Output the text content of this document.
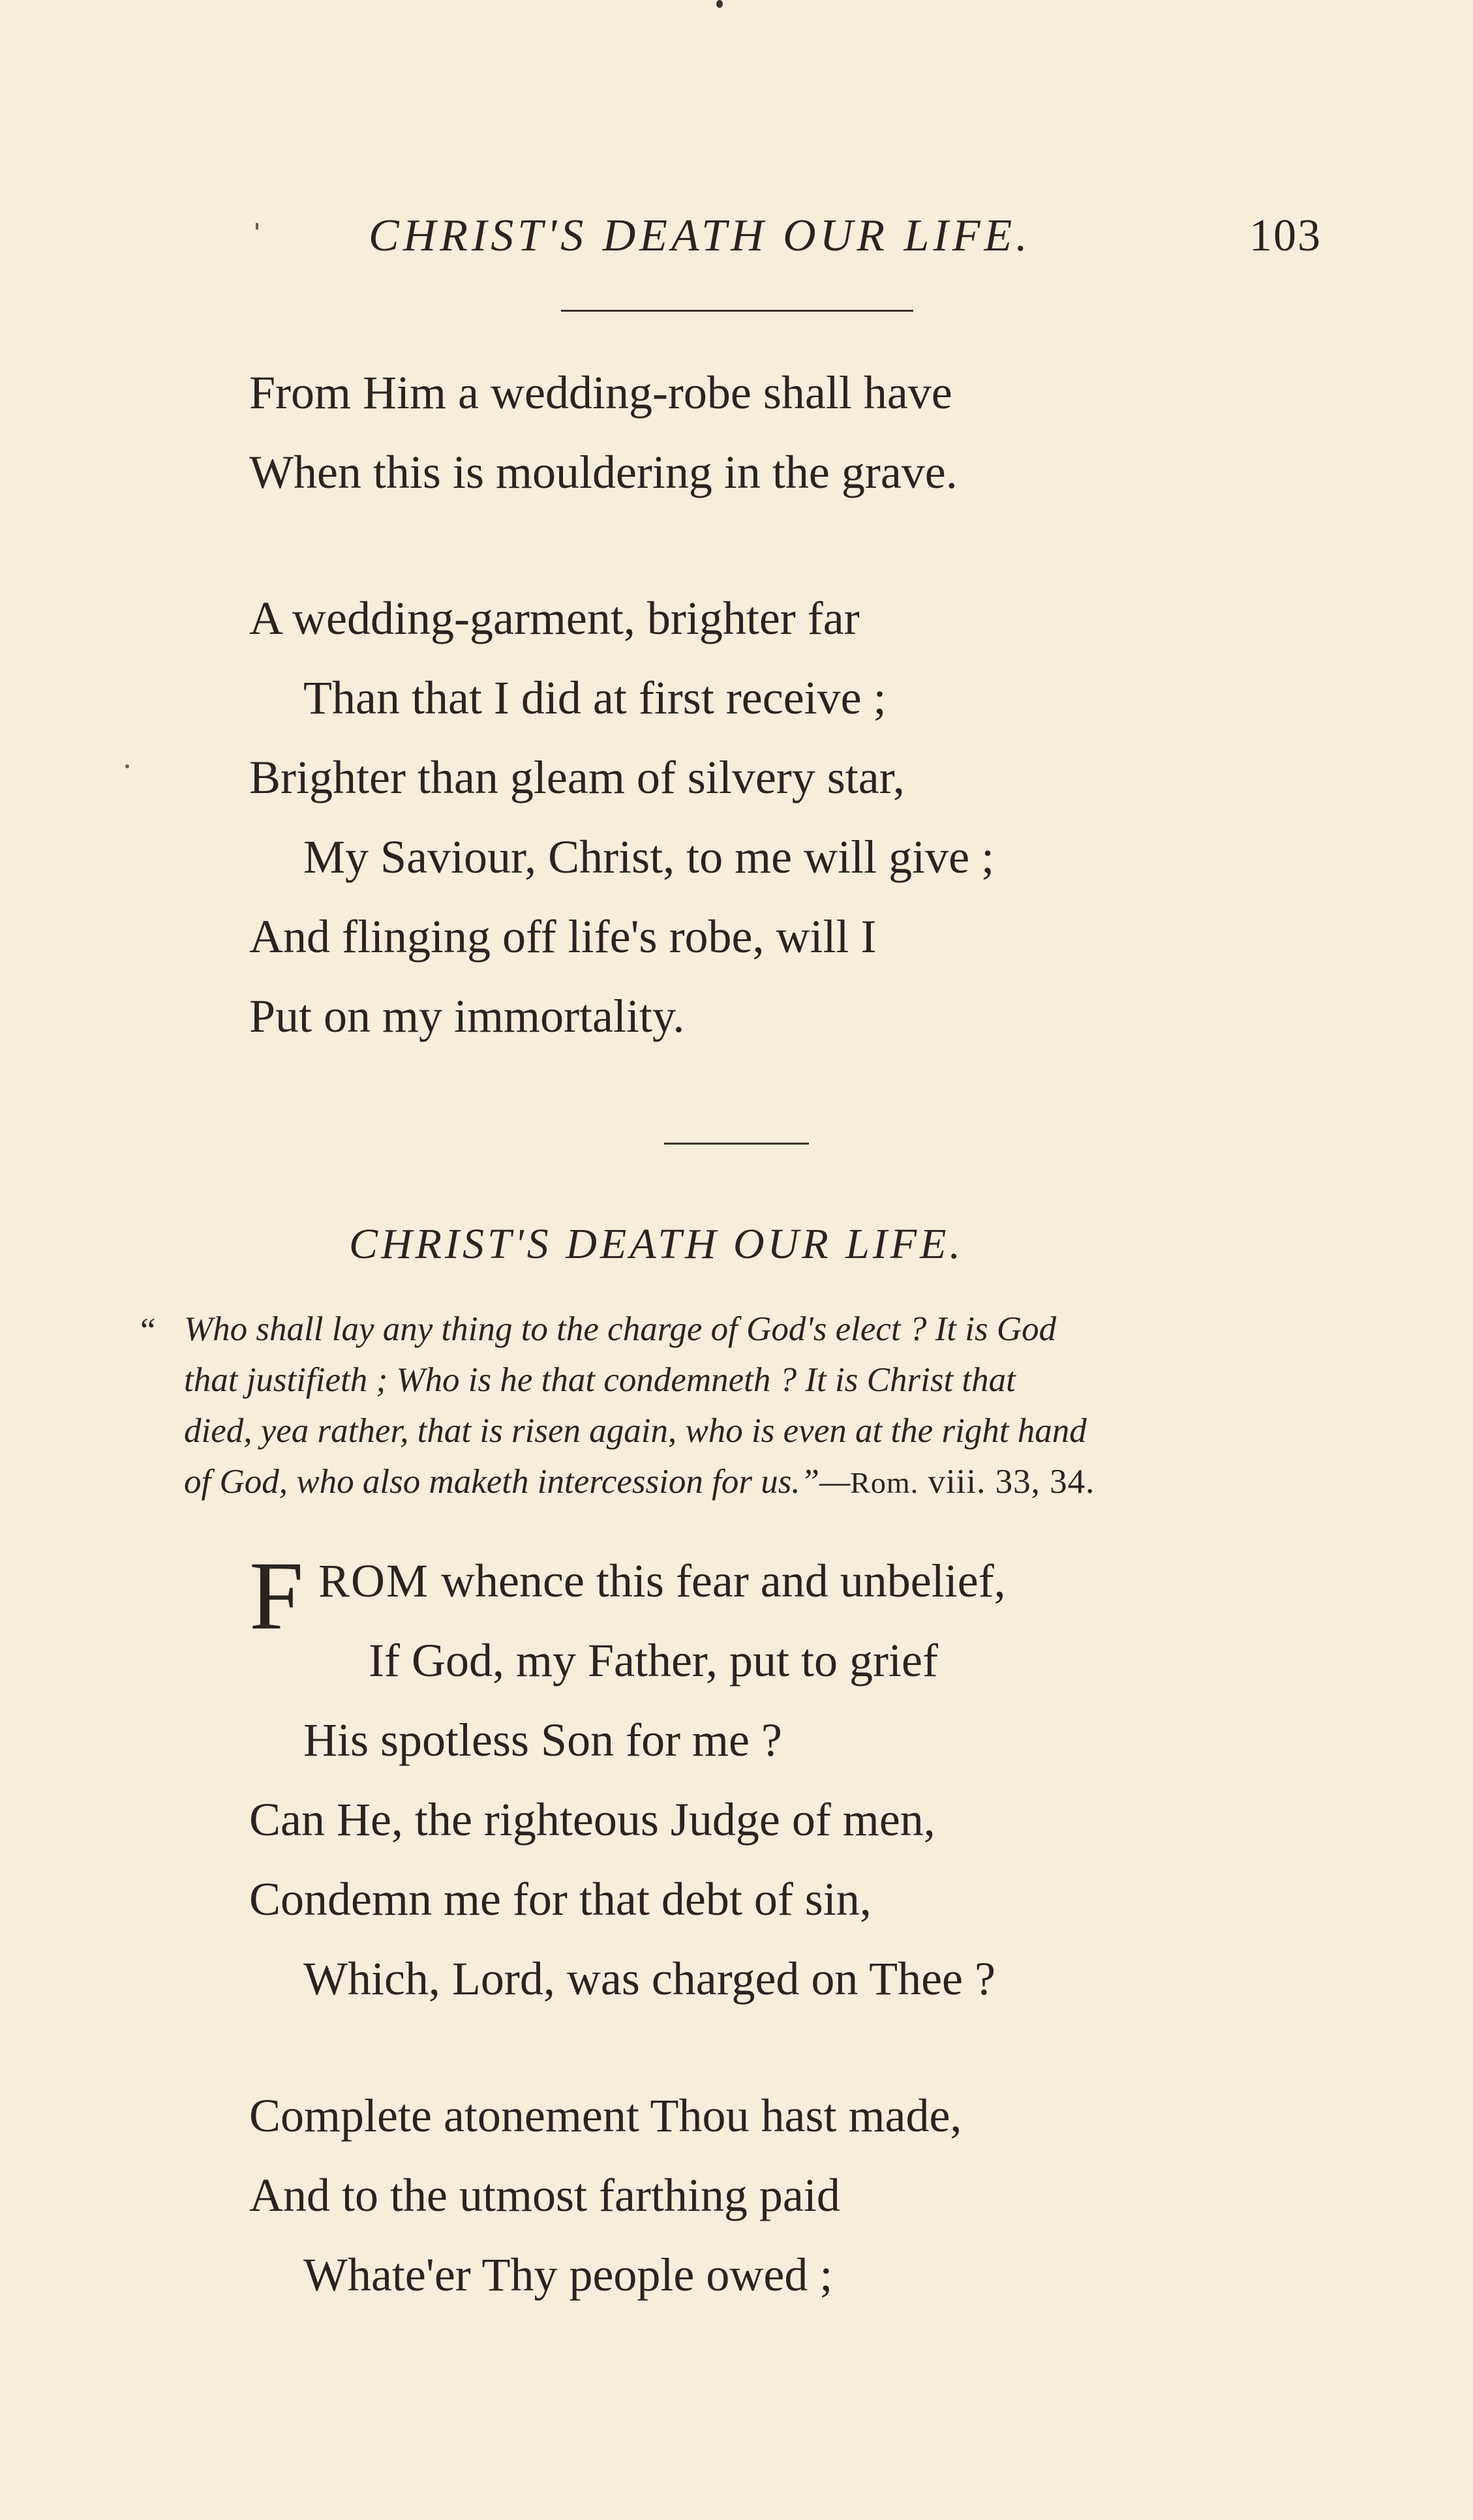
CHRIST'S DEATH OUR LIFE.	103
From Him a wedding-robe shall have
When this is mouldering in the grave.
A wedding-garment, brighter far
Than that I did at first receive ;
Brighter than gleam of silvery star,
My Saviour, Christ, to me will give ;
And flinging off life's robe, will I
Put on my immortality.
CHRIST'S DEATH OUR LIFE.
“ Who shall lay any thing to the charge of God's elect ? It is God
that justifieth ; Who is he that condemneth ? It is Christ that
died, yea rather, that is risen again, who is even at the right hand
of God, who also maketh intercession for us.”—Rom. viii. 33, 34.
F ROM whence this fear and unbelief,
If God, my Father, put to grief
His spotless Son for me ?
Can He, the righteous Judge of men,
Condemn me for that debt of sin,
Which, Lord, was charged on Thee ?
Complete atonement Thou hast made,
And to the utmost farthing paid
Whate'er Thy people owed ;
